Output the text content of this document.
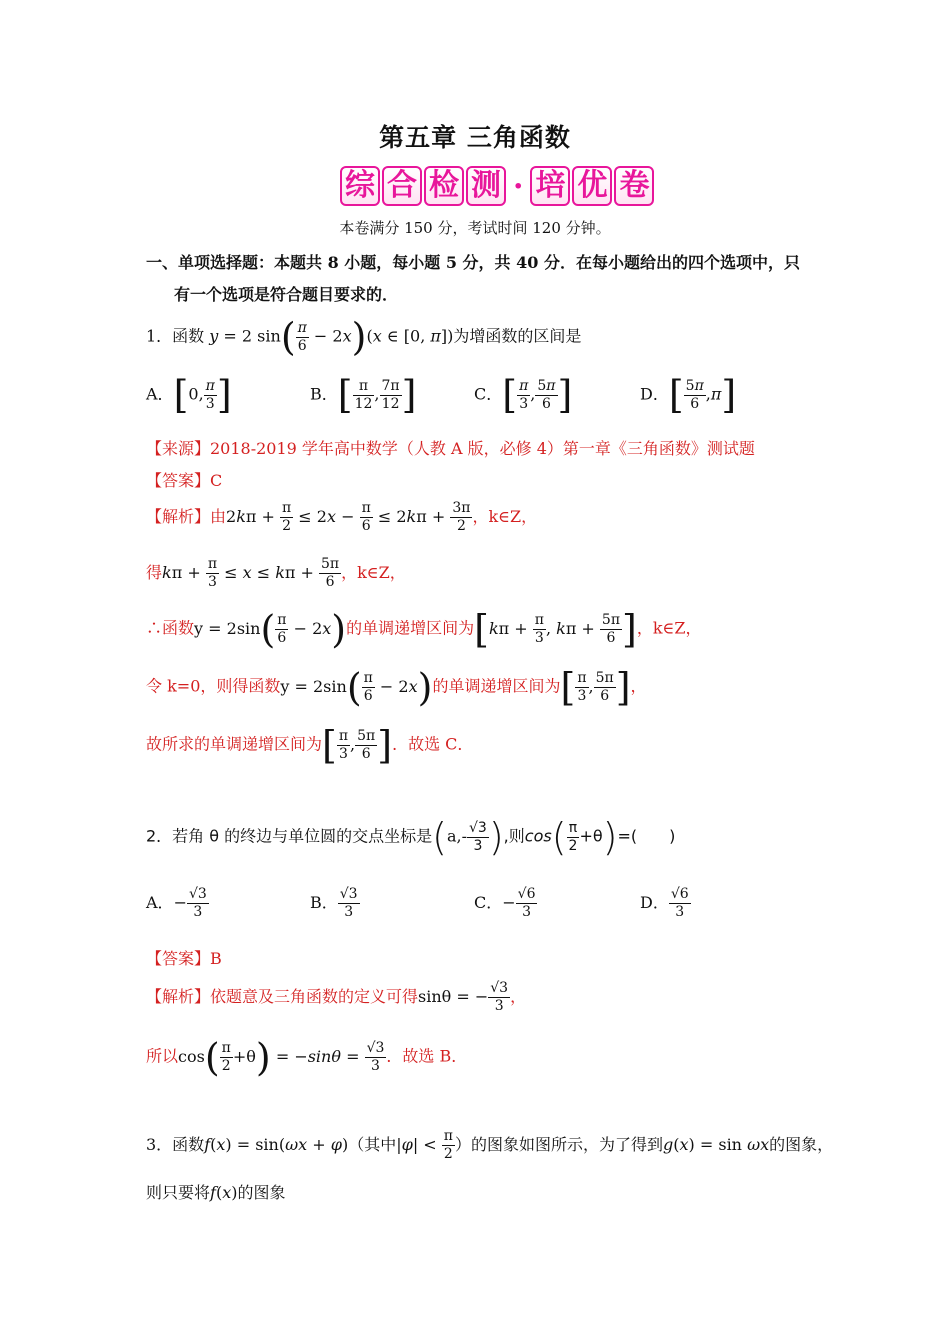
第五章 三角函数
综 合 检 测 · 培 优 卷
本卷满分 150 分，考试时间 120 分钟。
一、单项选择题：本题共 8 小题，每小题 5 分，共 40 分．在每小题给出的四个选项中，只
有一个选项是符合题目要求的．
1．函数 y = 2 $\sin( \frac{\pi}{6} - 2x)(x$ ∈ [0, π])为增函数的区间是
A．[0, $\frac{\pi}{3}$ ]	B．[ $\frac{\pi}{12}$ , $\frac{7\pi}{12}$ ]	C．[ $\frac{\pi}{3}$ , $\frac{5\pi}{6}$ ]	D．[ $\frac{5\pi}{6} ,\pi$]
【来源】2018-2019 学年高中数学（人教 A 版，必修 4）第一章《三角函数》测试题
【答案】C
【解析】由$2k\pi + \frac{\pi}{2} \le 2x - \frac{\pi}{6} \le 2k\pi + \frac{3\pi}{2}$ ，k∈Z，
得$k\pi + \frac{\pi}{3} \le x \le k\pi + \frac{5\pi}{6}$ ，k∈Z，
∴函数$y = 2\sin( \frac{\pi}{6} - 2x)$的单调递增区间为[$k\pi + \frac{\pi}{3}$ , $k\pi + \frac{5\pi}{6}$ ]，k∈Z，
令 k=0，则得函数$y = 2\sin( \frac{\pi}{6} - 2x)$的单调递增区间为[ $\frac{\pi}{3}$ , $\frac{5\pi}{6}$ ]，
故所求的单调递增区间为[ $\frac{\pi}{3}$ , $\frac{5\pi}{6}$ ]．故选 C．
2．若角 θ 的终边与单位圆的交点坐标是($a,- \frac{√3}{3}$ ),则$\cos( \frac{\pi}{2} +\theta)=$(　　)
A．− $\frac{√3}{3}$	B． $\frac{√3}{3}$	C．− $\frac{√6}{3}$	D． $\frac{√6}{3}$
【答案】B
【解析】依题意及三角函数的定义可得sinθ = − $\frac{√3}{3}$ ，
所以$\cos( \frac{\pi}{2} +\theta) = -\sin\theta = \frac{√3}{3}$ ．故选 B．
3．函数f(x) = sin(ωx + φ)（其中$|\varphi| < \frac{\pi}{2}$ ）的图象如图所示，为了得到g(x) = sin ωx的图象，
则只要将f(x)的图象
